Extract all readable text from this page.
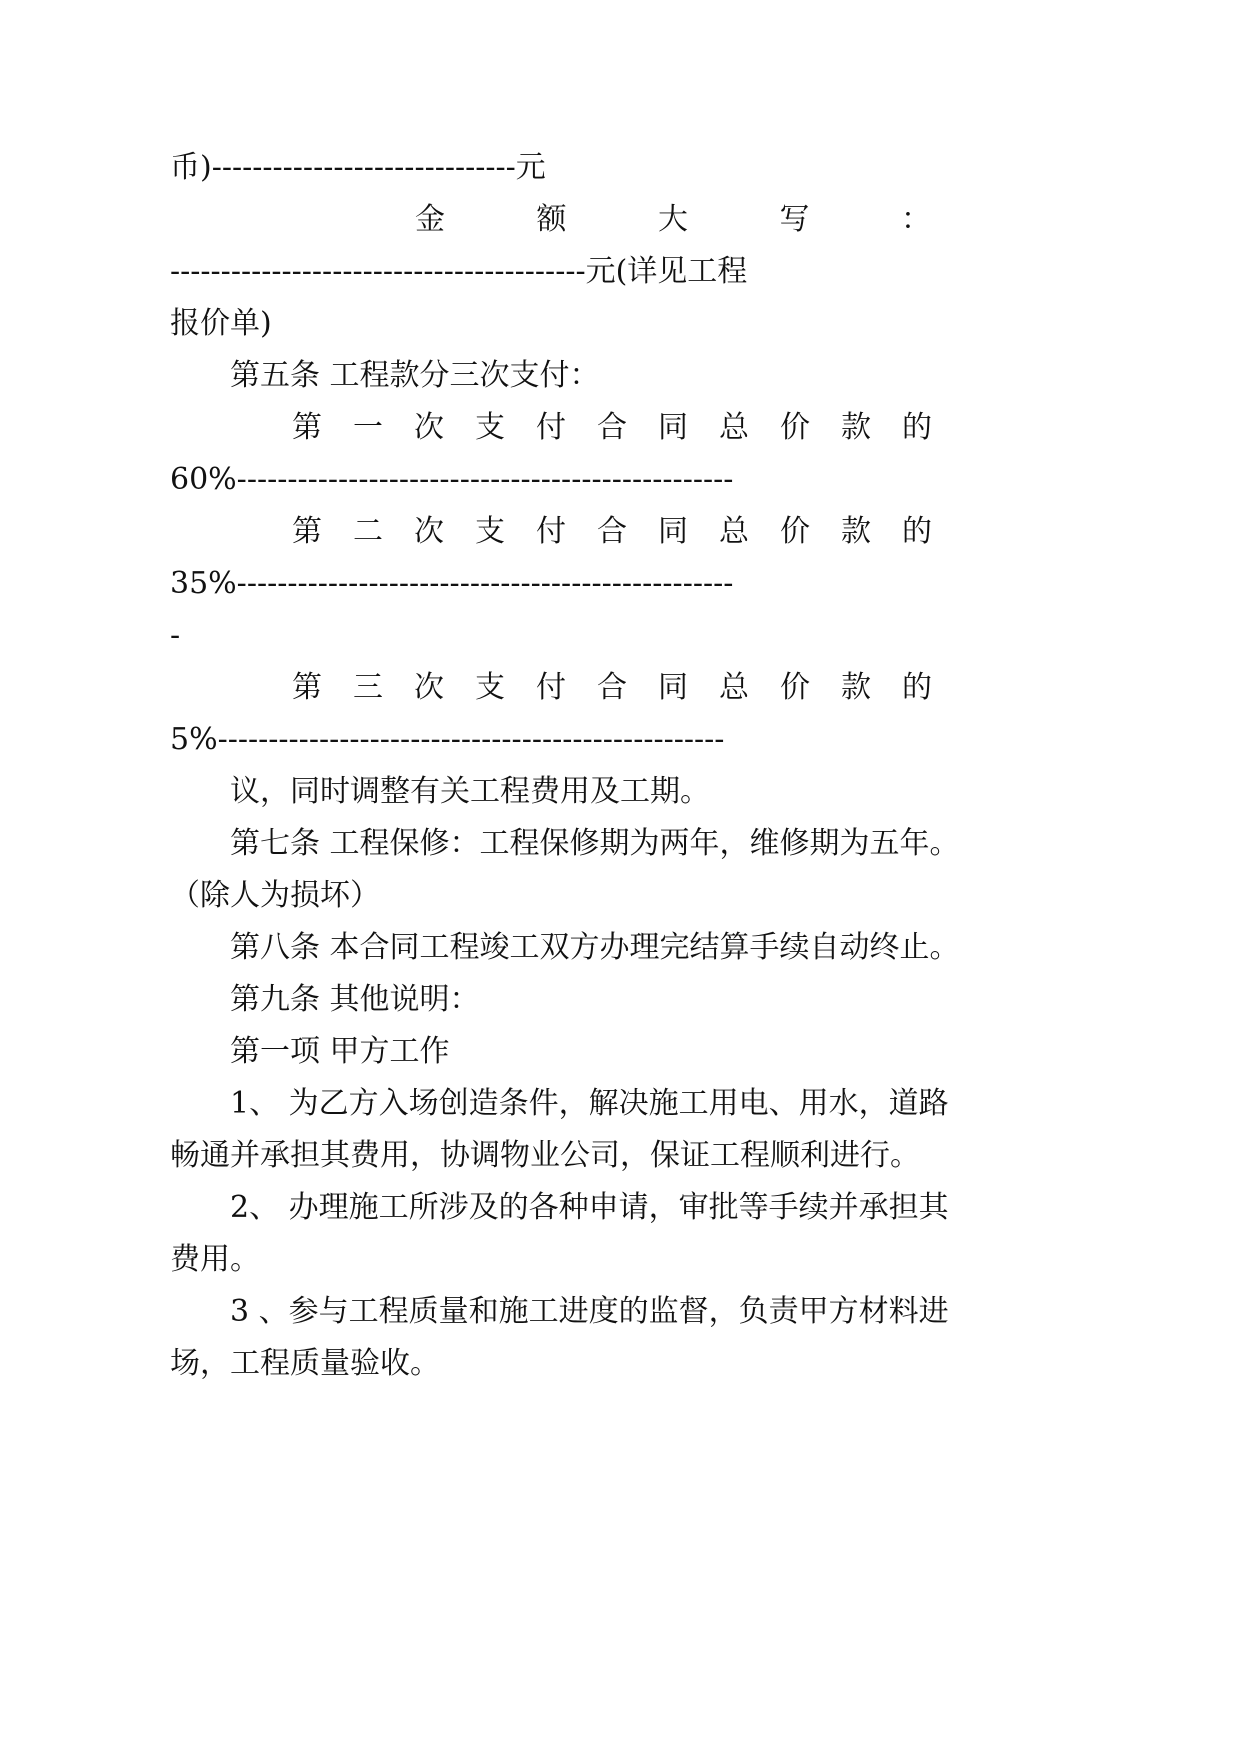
币)------------------------------元

金	额	大	写	：

-----------------------------------------元(详见工程

报价单)

第五条 工程款分三次支付：

第 一 次 支 付 合 同 总 价 款 的

60%-------------------------------------------------

第 二 次 支 付 合 同 总 价 款 的

35%-------------------------------------------------

-

第 三 次 支 付 合 同 总 价 款 的

5%--------------------------------------------------

议，同时调整有关工程费用及工期。

第七条 工程保修：工程保修期为两年，维修期为五年。

（除人为损坏）

第八条 本合同工程竣工双方办理完结算手续自动终止。

第九条 其他说明：

第一项 甲方工作

1、 为乙方入场创造条件，解决施工用电、用水，道路

畅通并承担其费用，协调物业公司，保证工程顺利进行。

2、 办理施工所涉及的各种申请，审批等手续并承担其

费用。

3 、参与工程质量和施工进度的监督，负责甲方材料进

场，工程质量验收。
